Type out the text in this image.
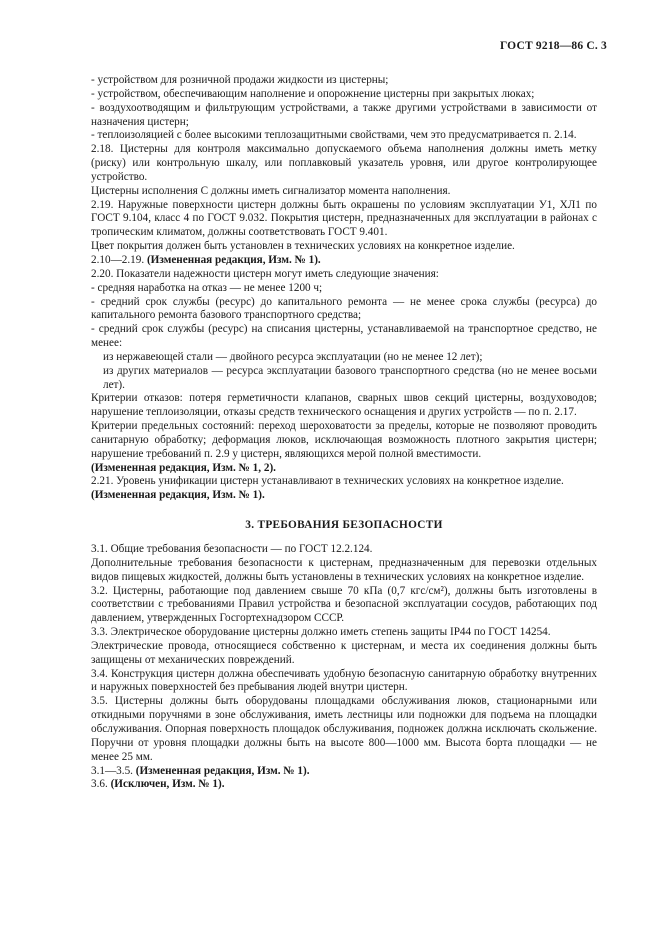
ГОСТ 9218—86 С. 3

- устройством для розничной продажи жидкости из цистерны;

- устройством, обеспечивающим наполнение и опорожнение цистерны при закрытых люках;

- воздухоотводящим и фильтрующим устройствами, а также другими устройствами в зависимости от назначения цистерн;

- теплоизоляцией с более высокими теплозащитными свойствами, чем это предусматривается п. 2.14.

2.18. Цистерны для контроля максимально допускаемого объема наполнения должны иметь метку (риску) или контрольную шкалу, или поплавковый указатель уровня, или другое контролирующее устройство.

Цистерны исполнения С должны иметь сигнализатор момента наполнения.

2.19. Наружные поверхности цистерн должны быть окрашены по условиям эксплуатации У1, ХЛ1 по ГОСТ 9.104, класс 4 по ГОСТ 9.032. Покрытия цистерн, предназначенных для эксплуатации в районах с тропическим климатом, должны соответствовать ГОСТ 9.401.

Цвет покрытия должен быть установлен в технических условиях на конкретное изделие.

2.10—2.19. (Измененная редакция, Изм. № 1).

2.20. Показатели надежности цистерн могут иметь следующие значения:

- средняя наработка на отказ — не менее 1200 ч;

- средний срок службы (ресурс) до капитального ремонта — не менее срока службы (ресурса) до капитального ремонта базового транспортного средства;

- средний срок службы (ресурс) на списания цистерны, устанавливаемой на транспортное средство, не менее:

из нержавеющей стали — двойного ресурса эксплуатации (но не менее 12 лет);

из других материалов — ресурса эксплуатации базового транспортного средства (но не менее восьми лет).

Критерии отказов: потеря герметичности клапанов, сварных швов секций цистерны, воздуховодов; нарушение теплоизоляции, отказы средств технического оснащения и других устройств — по п. 2.17.

Критерии предельных состояний: переход шероховатости за пределы, которые не позволяют проводить санитарную обработку; деформация люков, исключающая возможность плотного закрытия цистерн; нарушение требований п. 2.9 у цистерн, являющихся мерой полной вместимости.

(Измененная редакция, Изм. № 1, 2).

2.21. Уровень унификации цистерн устанавливают в технических условиях на конкретное изделие.

(Измененная редакция, Изм. № 1).

3. ТРЕБОВАНИЯ БЕЗОПАСНОСТИ

3.1. Общие требования безопасности — по ГОСТ 12.2.124.

Дополнительные требования безопасности к цистернам, предназначенным для перевозки отдельных видов пищевых жидкостей, должны быть установлены в технических условиях на конкретное изделие.

3.2. Цистерны, работающие под давлением свыше 70 кПа (0,7 кгс/см²), должны быть изготовлены в соответствии с требованиями Правил устройства и безопасной эксплуатации сосудов, работающих под давлением, утвержденных Госгортехнадзором СССР.

3.3. Электрическое оборудование цистерны должно иметь степень защиты IP44 по ГОСТ 14254.

Электрические провода, относящиеся собственно к цистернам, и места их соединения должны быть защищены от механических повреждений.

3.4. Конструкция цистерн должна обеспечивать удобную безопасную санитарную обработку внутренних и наружных поверхностей без пребывания людей внутри цистерн.

3.5. Цистерны должны быть оборудованы площадками обслуживания люков, стационарными или откидными поручнями в зоне обслуживания, иметь лестницы или подножки для подъема на площадки обслуживания. Опорная поверхность площадок обслуживания, подножек должна исключать скольжение. Поручни от уровня площадки должны быть на высоте 800—1000 мм. Высота борта площадки — не менее 25 мм.

3.1—3.5. (Измененная редакция, Изм. № 1).

3.6. (Исключен, Изм. № 1).
